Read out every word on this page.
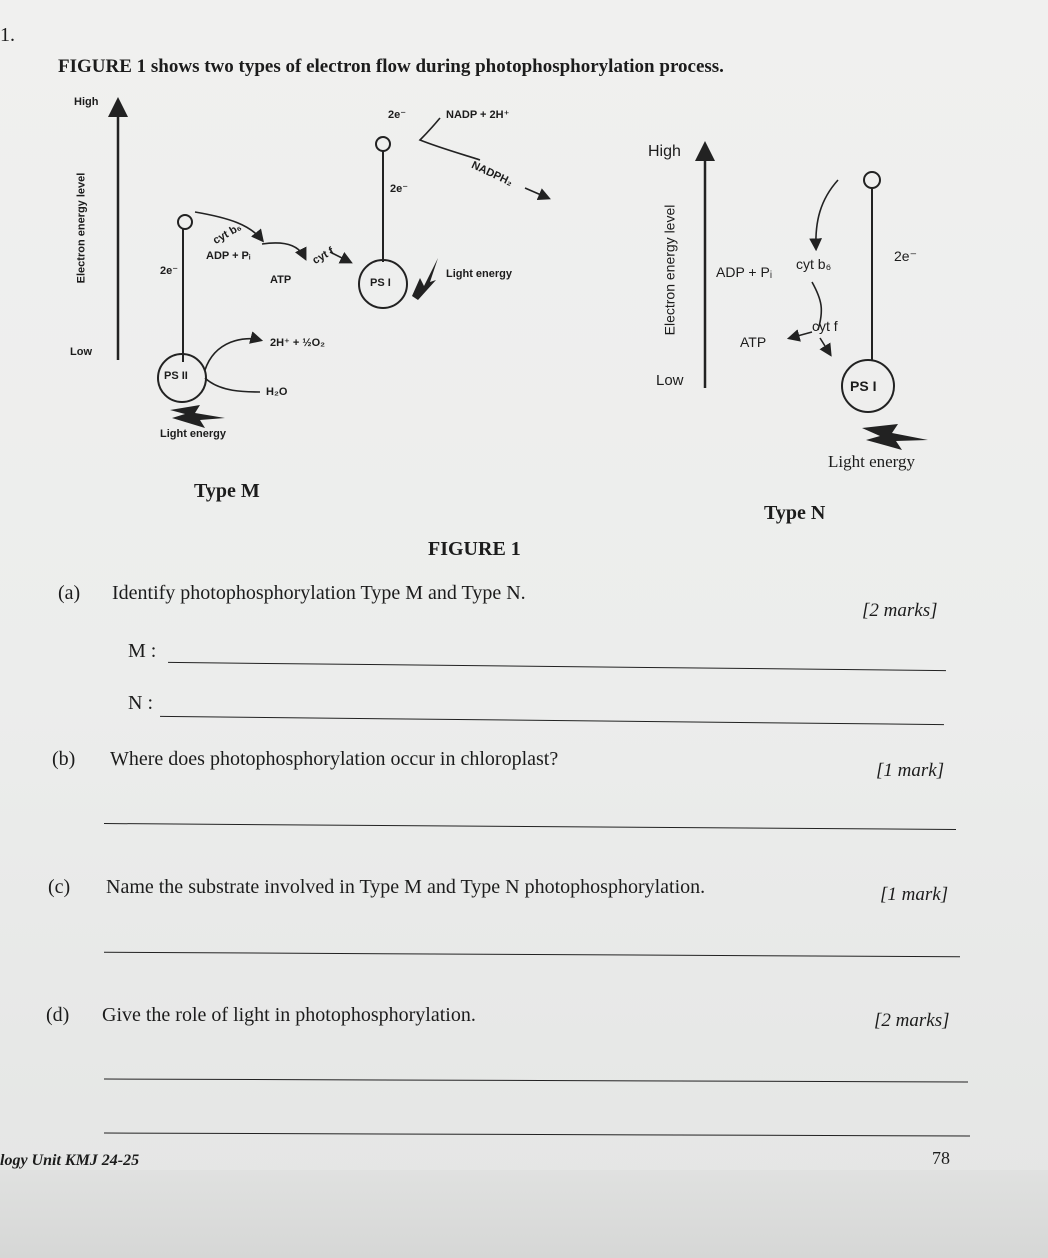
1.
FIGURE 1 shows two types of electron flow during photophosphorylation process.
High
Low
Electron energy level
2e⁻	NADP + 2H⁺
NADPH₂
2e⁻
cyt b₆
ADP + Pᵢ	cyt f
ATP
2e⁻
PS I
Light energy
2H⁺ + ½O₂
PS II
H₂O
Light energy
Type M
High
Low
Electron energy level	ADP + Pᵢ cyt b₆	2e⁻
ATP
cyt f
PS I
Light energy
Type N
FIGURE 1
(a) Identify photophosphorylation Type M and Type N.
[2 marks]
M :
N :
(b) Where does photophosphorylation occur in chloroplast?
[1 mark]
(c) Name the substrate involved in Type M and Type N photophosphorylation.	[1 mark]
(d) Give the role of light in photophosphorylation.	[2 marks]
logy Unit KMJ 24-25	78
